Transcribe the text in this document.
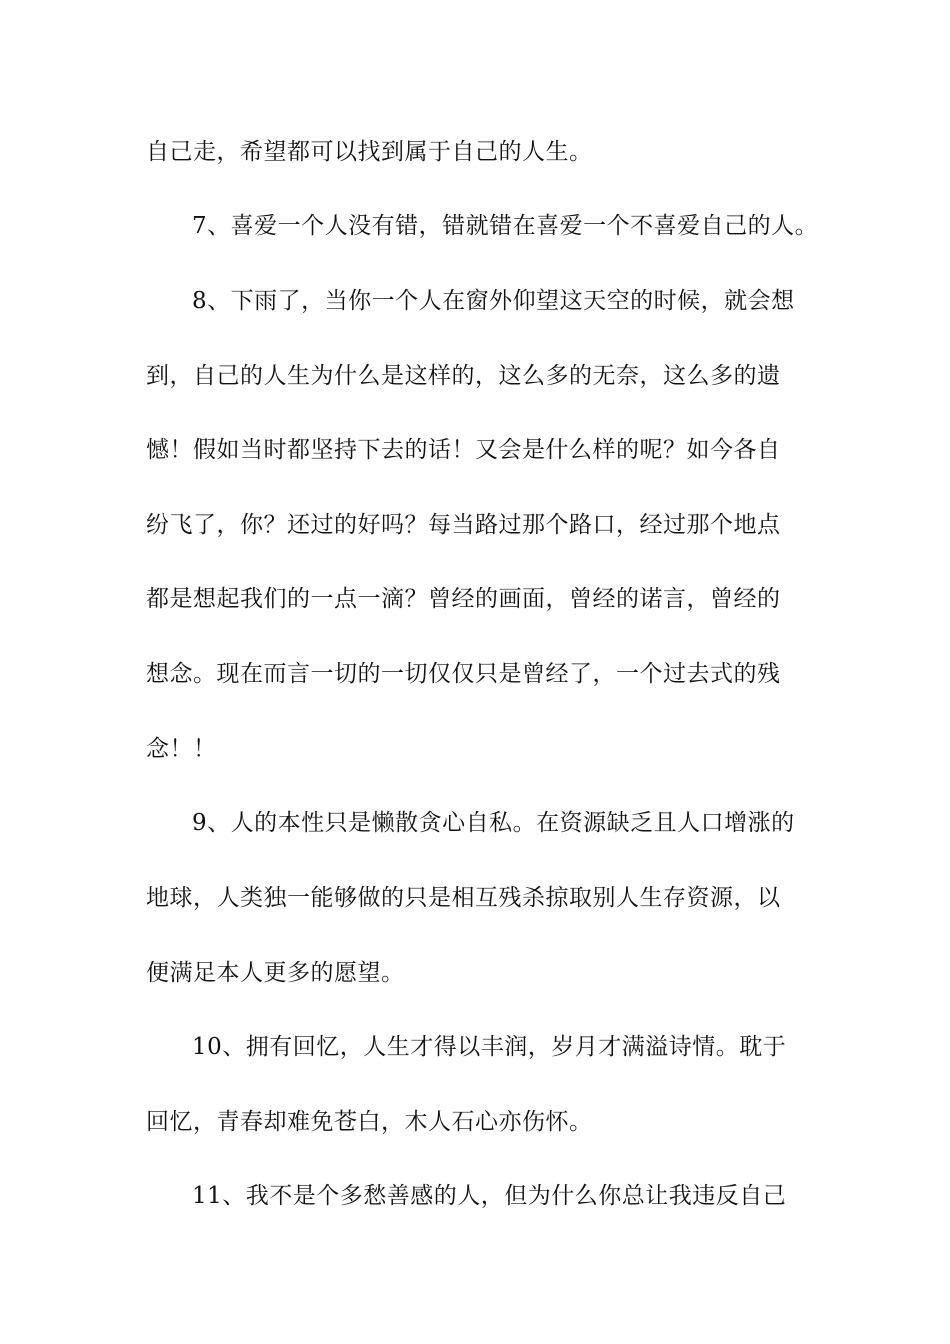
自己走，希望都可以找到属于自己的人生。
7、喜爱一个人没有错，错就错在喜爱一个不喜爱自己的人。
8、下雨了，当你一个人在窗外仰望这天空的时候，就会想
到，自己的人生为什么是这样的，这么多的无奈，这么多的遗
憾！假如当时都坚持下去的话！又会是什么样的呢？如今各自
纷飞了，你？还过的好吗？每当路过那个路口，经过那个地点
都是想起我们的一点一滴？曾经的画面，曾经的诺言，曾经的
想念。现在而言一切的一切仅仅只是曾经了，一个过去式的残
念！！
9、人的本性只是懒散贪心自私。在资源缺乏且人口增涨的
地球，人类独一能够做的只是相互残杀掠取别人生存资源，以
便满足本人更多的愿望。
10、拥有回忆，人生才得以丰润，岁月才满溢诗情。耽于
回忆，青春却难免苍白，木人石心亦伤怀。
11、我不是个多愁善感的人，但为什么你总让我违反自己
